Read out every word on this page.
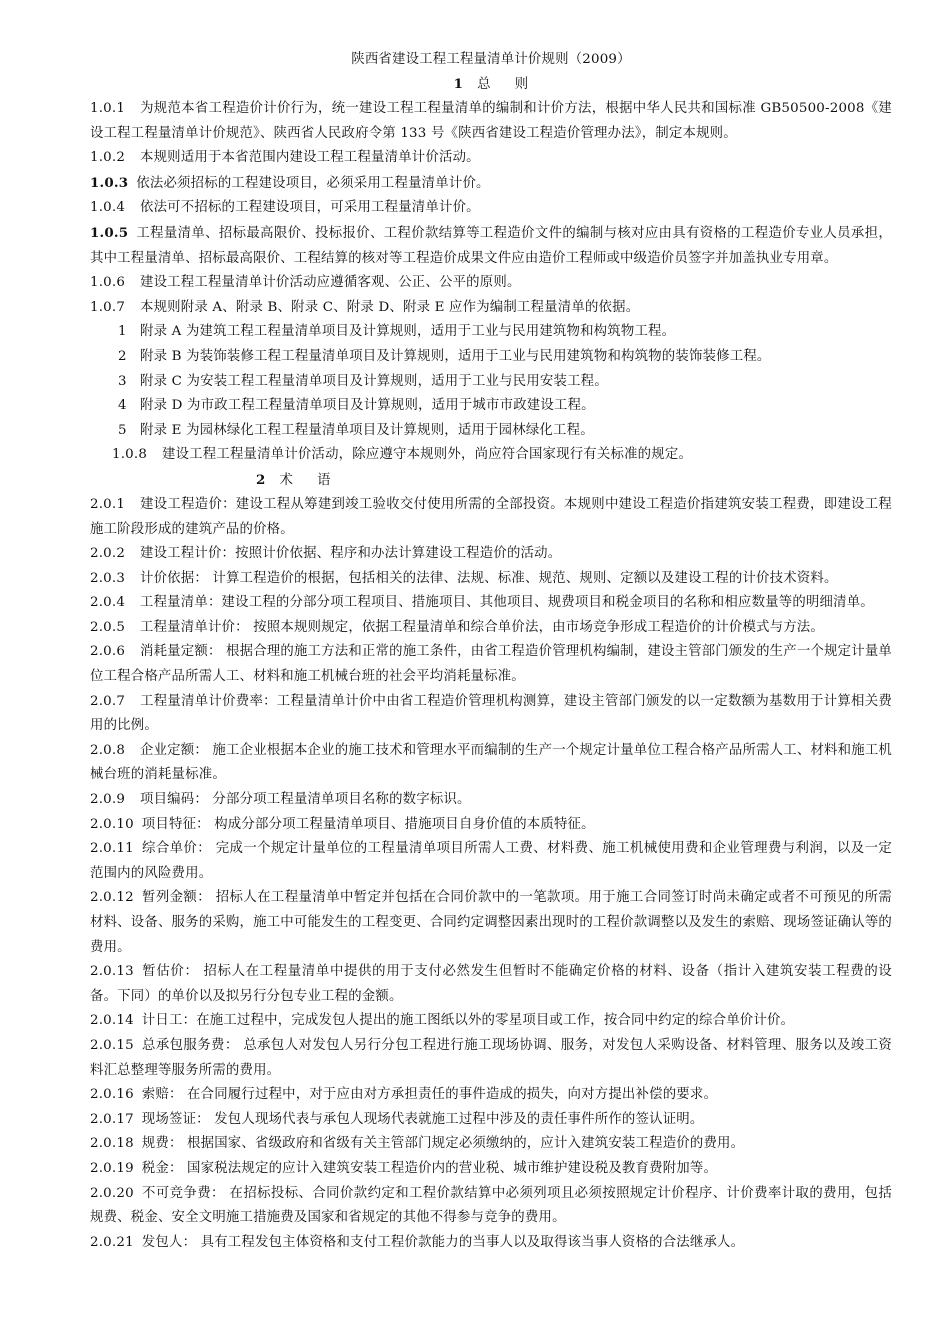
陕西省建设工程工程量清单计价规则（2009）
1 总 则

1.0.1 为规范本省工程造价计价行为，统一建设工程工程量清单的编制和计价方法，根据中华人民共和国标准 GB50500-2008《建设工程工程量清单计价规范》、陕西省人民政府令第 133 号《陕西省建设工程造价管理办法》，制定本规则。

1.0.2 本规则适用于本省范围内建设工程工程量清单计价活动。

1.0.3 依法必须招标的工程建设项目，必须采用工程量清单计价。

1.0.4 依法可不招标的工程建设项目，可采用工程量清单计价。

1.0.5 工程量清单、招标最高限价、投标报价、工程价款结算等工程造价文件的编制与核对应由具有资格的工程造价专业人员承担，其中工程量清单、招标最高限价、工程结算的核对等工程造价成果文件应由造价工程师或中级造价员签字并加盖执业专用章。

1.0.6 建设工程工程量清单计价活动应遵循客观、公正、公平的原则。

1.0.7 本规则附录 A、附录 B、附录 C、附录 D、附录 E 应作为编制工程量清单的依据。

1 附录 A 为建筑工程工程量清单项目及计算规则，适用于工业与民用建筑物和构筑物工程。

2 附录 B 为装饰装修工程工程量清单项目及计算规则，适用于工业与民用建筑物和构筑物的装饰装修工程。

3 附录 C 为安装工程工程量清单项目及计算规则，适用于工业与民用安装工程。

4 附录 D 为市政工程工程量清单项目及计算规则，适用于城市市政建设工程。

5 附录 E 为园林绿化工程工程量清单项目及计算规则，适用于园林绿化工程。

1.0.8 建设工程工程量清单计价活动，除应遵守本规则外，尚应符合国家现行有关标准的规定。

2 术 语

2.0.1 建设工程造价：建设工程从筹建到竣工验收交付使用所需的全部投资。本规则中建设工程造价指建筑安装工程费，即建设工程施工阶段形成的建筑产品的价格。

2.0.2 建设工程计价：按照计价依据、程序和办法计算建设工程造价的活动。

2.0.3 计价依据： 计算工程造价的根据，包括相关的法律、法规、标准、规范、规则、定额以及建设工程的计价技术资料。

2.0.4 工程量清单：建设工程的分部分项工程项目、措施项目、其他项目、规费项目和税金项目的名称和相应数量等的明细清单。

2.0.5 工程量清单计价： 按照本规则规定，依据工程量清单和综合单价法，由市场竞争形成工程造价的计价模式与方法。

2.0.6 消耗量定额： 根据合理的施工方法和正常的施工条件，由省工程造价管理机构编制，建设主管部门颁发的生产一个规定计量单位工程合格产品所需人工、材料和施工机械台班的社会平均消耗量标准。

2.0.7 工程量清单计价费率：工程量清单计价中由省工程造价管理机构测算，建设主管部门颁发的以一定数额为基数用于计算相关费用的比例。

2.0.8 企业定额： 施工企业根据本企业的施工技术和管理水平而编制的生产一个规定计量单位工程合格产品所需人工、材料和施工机械台班的消耗量标准。

2.0.9 项目编码： 分部分项工程量清单项目名称的数字标识。

2.0.10 项目特征： 构成分部分项工程量清单项目、措施项目自身价值的本质特征。

2.0.11 综合单价： 完成一个规定计量单位的工程量清单项目所需人工费、材料费、施工机械使用费和企业管理费与利润，以及一定范围内的风险费用。

2.0.12 暂列金额： 招标人在工程量清单中暂定并包括在合同价款中的一笔款项。用于施工合同签订时尚未确定或者不可预见的所需材料、设备、服务的采购，施工中可能发生的工程变更、合同约定调整因素出现时的工程价款调整以及发生的索赔、现场签证确认等的费用。

2.0.13 暂估价： 招标人在工程量清单中提供的用于支付必然发生但暂时不能确定价格的材料、设备（指计入建筑安装工程费的设备。下同）的单价以及拟另行分包专业工程的金额。

2.0.14 计日工：在施工过程中，完成发包人提出的施工图纸以外的零星项目或工作，按合同中约定的综合单价计价。

2.0.15 总承包服务费： 总承包人对发包人另行分包工程进行施工现场协调、服务，对发包人采购设备、材料管理、服务以及竣工资料汇总整理等服务所需的费用。

2.0.16 索赔： 在合同履行过程中，对于应由对方承担责任的事件造成的损失，向对方提出补偿的要求。

2.0.17 现场签证： 发包人现场代表与承包人现场代表就施工过程中涉及的责任事件所作的签认证明。

2.0.18 规费： 根据国家、省级政府和省级有关主管部门规定必须缴纳的，应计入建筑安装工程造价的费用。

2.0.19 税金： 国家税法规定的应计入建筑安装工程造价内的营业税、城市维护建设税及教育费附加等。

2.0.20 不可竞争费： 在招标投标、合同价款约定和工程价款结算中必须列项且必须按照规定计价程序、计价费率计取的费用，包括规费、税金、安全文明施工措施费及国家和省规定的其他不得参与竞争的费用。

2.0.21 发包人： 具有工程发包主体资格和支付工程价款能力的当事人以及取得该当事人资格的合法继承人。
